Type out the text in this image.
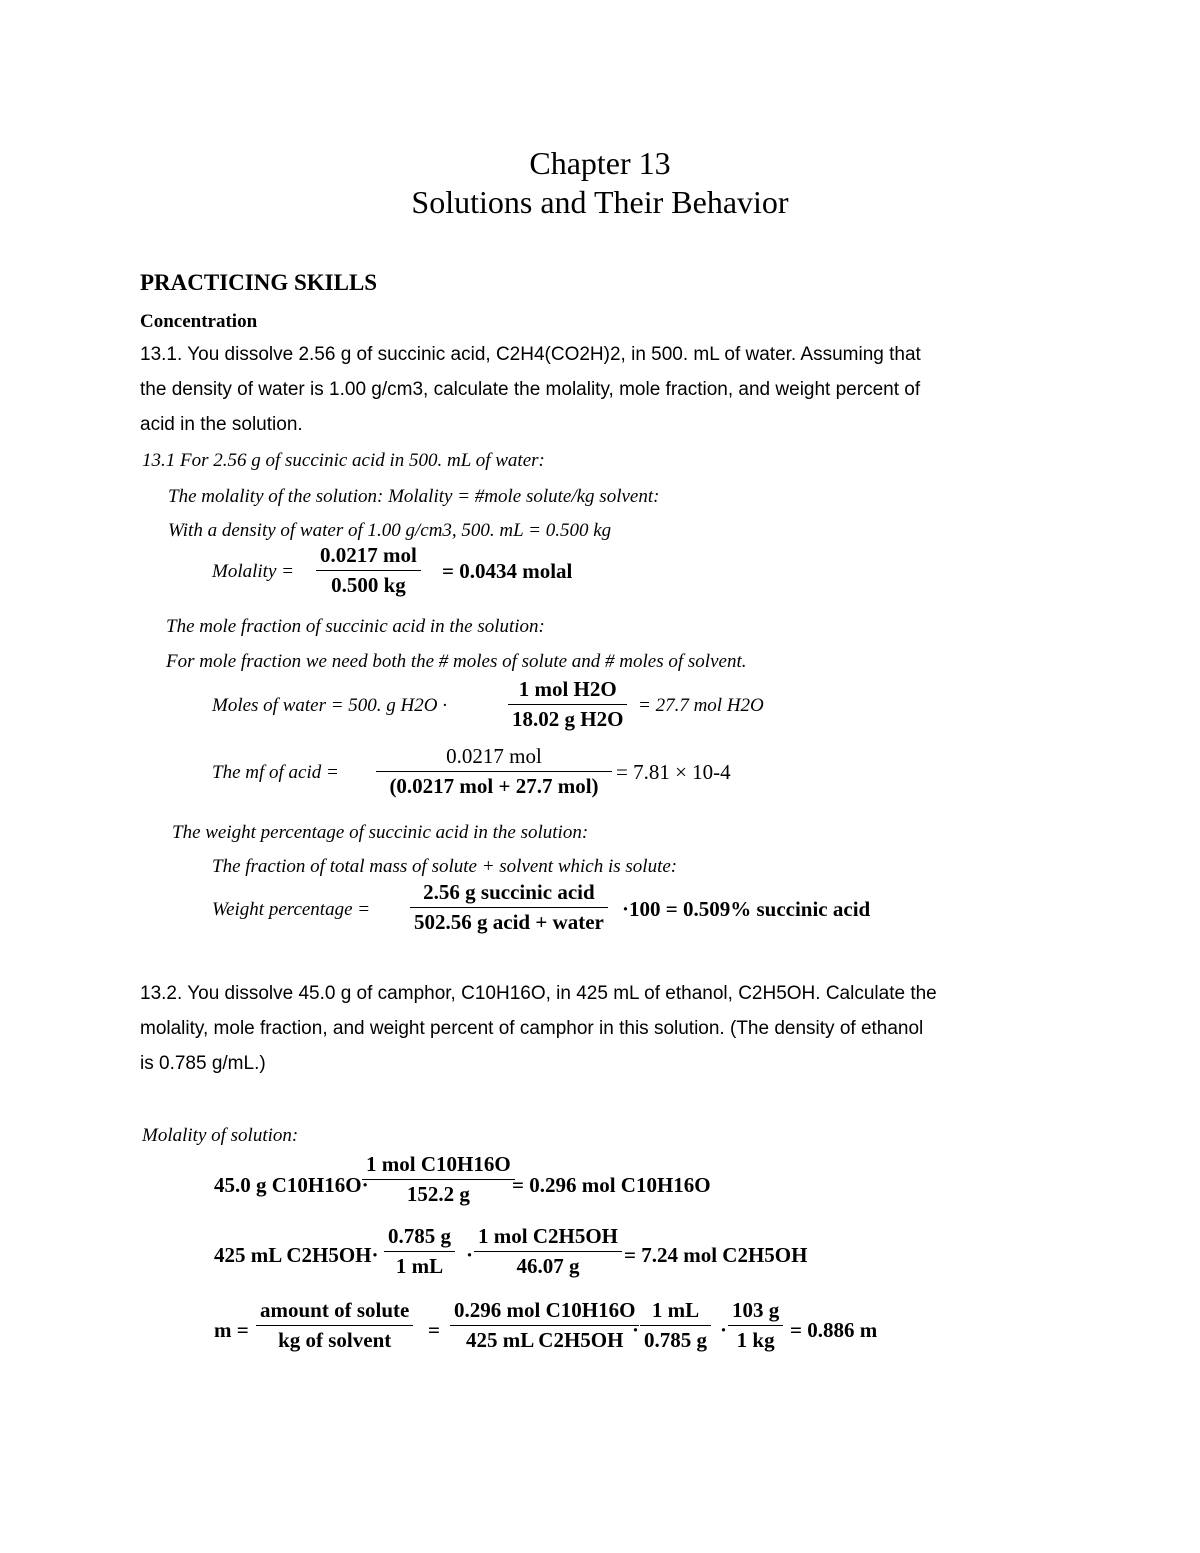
Chapter 13
Solutions and Their Behavior
PRACTICING SKILLS
Concentration
13.1. You dissolve 2.56 g of succinic acid, C2H4(CO2H)2, in 500. mL of water. Assuming that
the density of water is 1.00 g/cm3, calculate the molality, mole fraction, and weight percent of
acid in the solution.
13.1 For 2.56 g of succinic acid in 500. mL of water:
The molality of the solution: Molality = #mole solute/kg solvent:
With a density of water of 1.00 g/cm3, 500. mL = 0.500 kg
Molality =
0.0217 mol
0.500 kg
= 0.0434 molal
The mole fraction of succinic acid in the solution:
For mole fraction we need both the # moles of solute and # moles of solvent.
Moles of water = 500. g H2O ·
1 mol H2O
18.02 g H2O
= 27.7 mol H2O
The mf of acid =
0.0217 mol
(0.0217 mol + 27.7 mol)
= 7.81 × 10-4
The weight percentage of succinic acid in the solution:
The fraction of total mass of solute + solvent which is solute:
Weight percentage =
2.56 g succinic acid
502.56 g acid + water
·100 = 0.509% succinic acid
13.2. You dissolve 45.0 g of camphor, C10H16O, in 425 mL of ethanol, C2H5OH. Calculate the
molality, mole fraction, and weight percent of camphor in this solution. (The density of ethanol
is 0.785 g/mL.)
Molality of solution:
45.0 g C10H16O·
1 mol C10H16O
152.2 g	= 0.296 mol C10H16O
425 mL $C2H5OH\cdot \frac{0.785 g}{1 mL}$ ·
1 mol C2H5OH
46.07 g	= 7.24 mol C2H5OH
m =
amount of solute
kg of solvent	=
0.296 mol C10H16O
425 mL $C2H5OH \cdot \frac{1 mL}{0.785 g} \cdot \frac{103 g}{1 kg} = 0.886$ m
